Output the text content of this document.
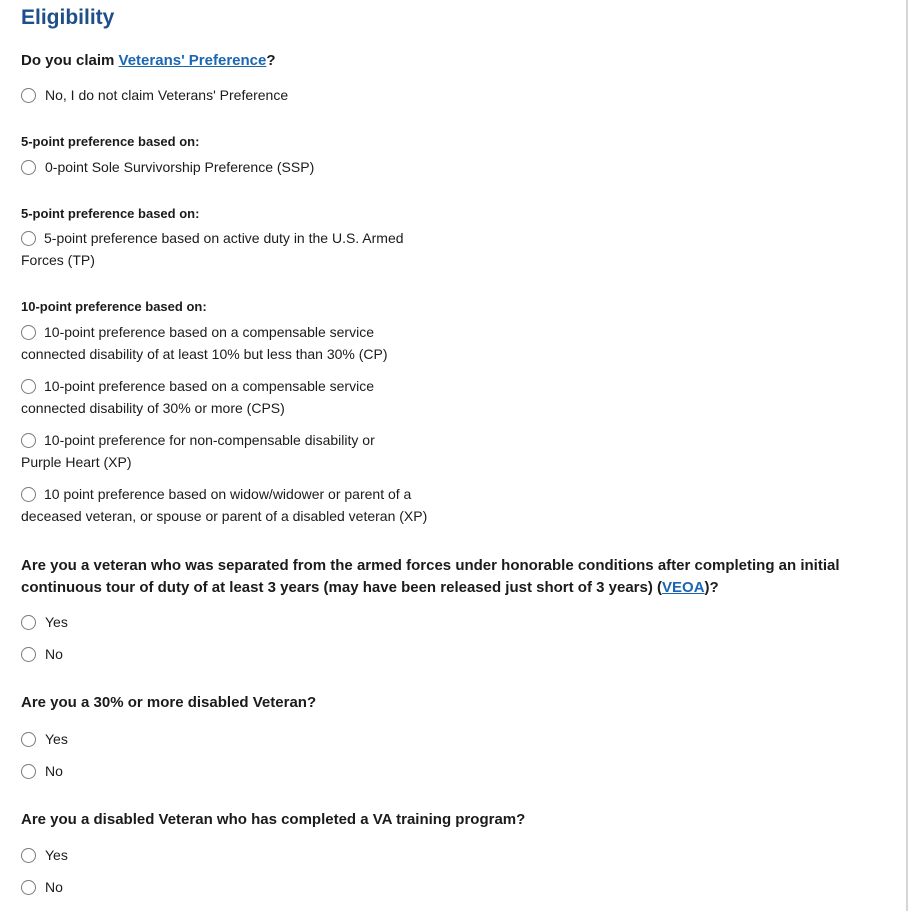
Eligibility
Do you claim Veterans' Preference?
No, I do not claim Veterans' Preference
5-point preference based on:
0-point Sole Survivorship Preference (SSP)
5-point preference based on:
5-point preference based on active duty in the U.S. Armed Forces (TP)
10-point preference based on:
10-point preference based on a compensable service connected disability of at least 10% but less than 30% (CP)
10-point preference based on a compensable service connected disability of 30% or more (CPS)
10-point preference for non-compensable disability or Purple Heart (XP)
10 point preference based on widow/widower or parent of a deceased veteran, or spouse or parent of a disabled veteran (XP)
Are you a veteran who was separated from the armed forces under honorable conditions after completing an initial continuous tour of duty of at least 3 years (may have been released just short of 3 years) (VEOA)?
Yes
No
Are you a 30% or more disabled Veteran?
Yes
No
Are you a disabled Veteran who has completed a VA training program?
Yes
No
